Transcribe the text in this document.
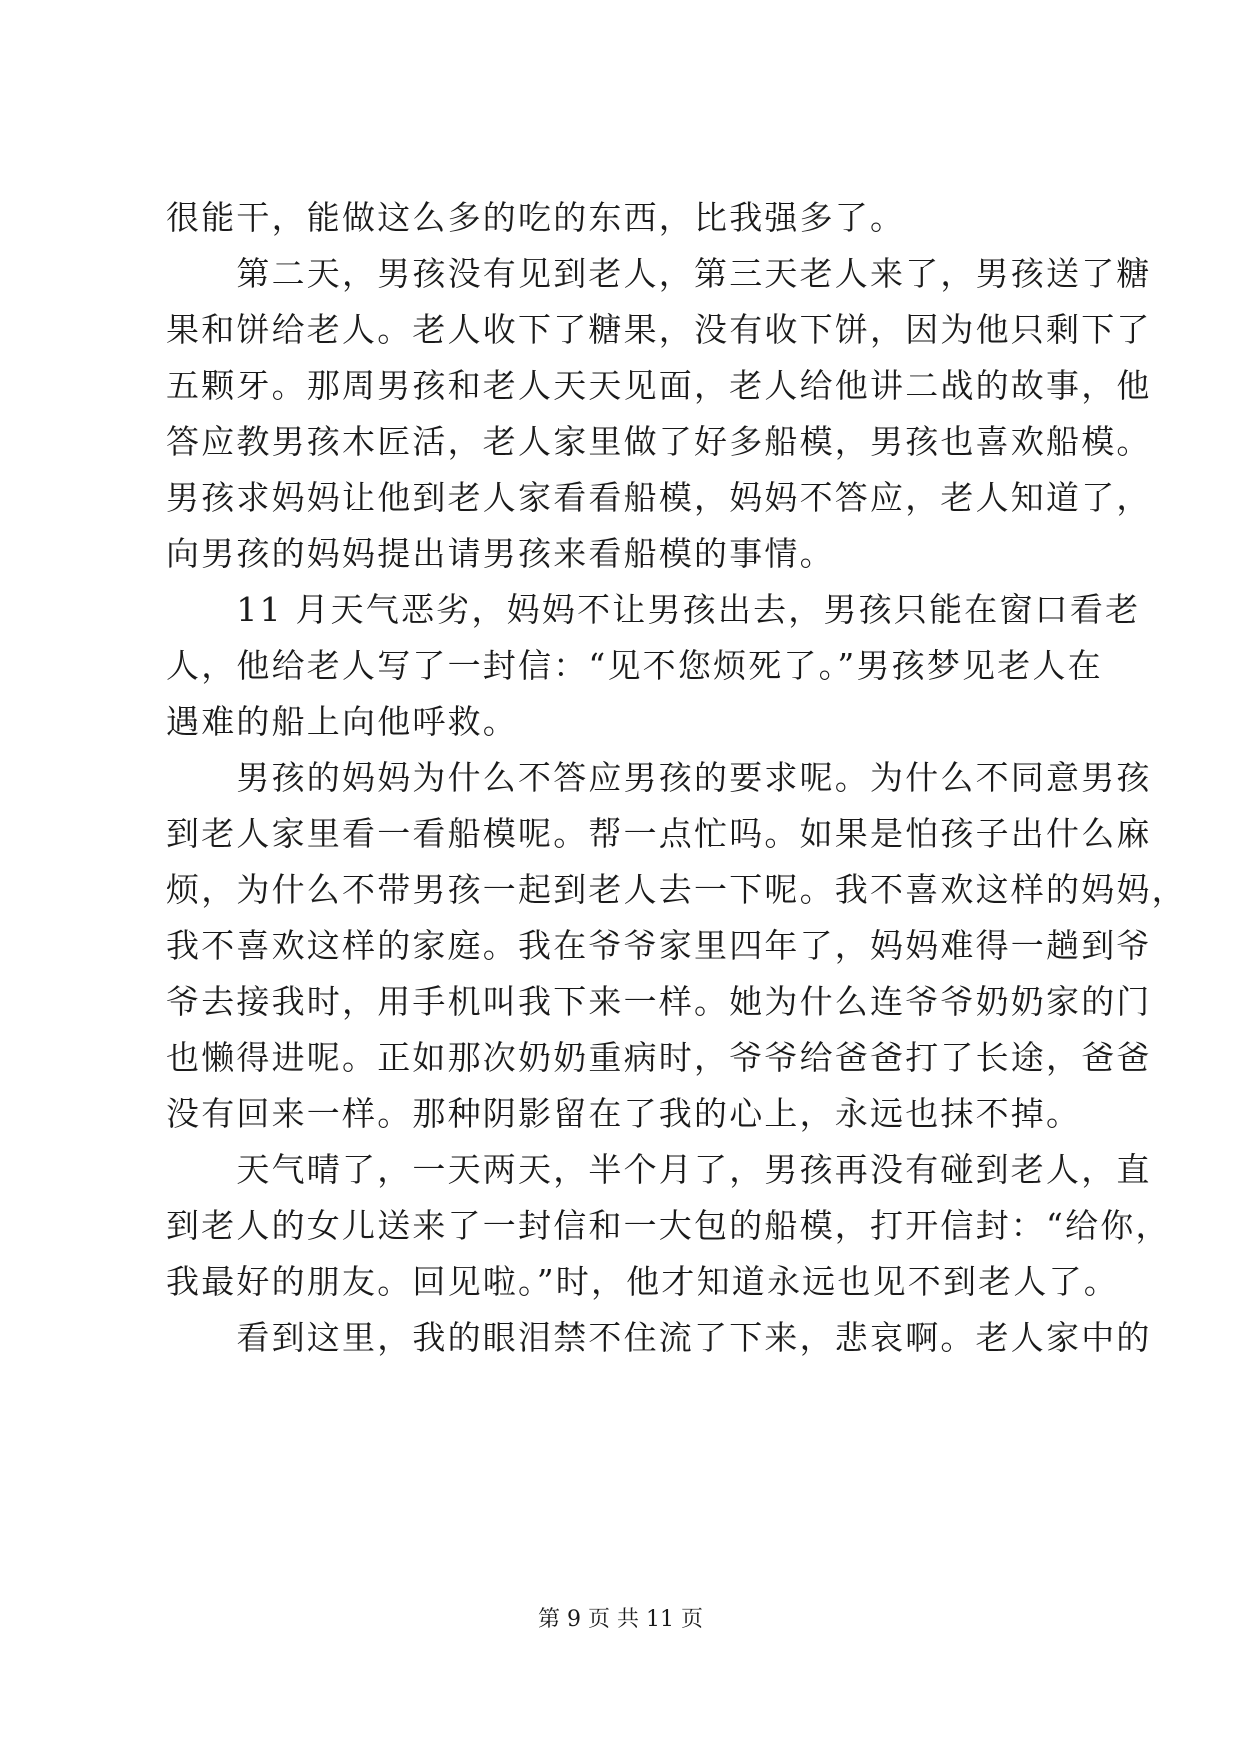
很能干，能做这么多的吃的东西，比我强多了。
　　第二天，男孩没有见到老人，第三天老人来了，男孩送了糖
果和饼给老人。老人收下了糖果，没有收下饼，因为他只剩下了
五颗牙。那周男孩和老人天天见面，老人给他讲二战的故事，他
答应教男孩木匠活，老人家里做了好多船模，男孩也喜欢船模。
男孩求妈妈让他到老人家看看船模，妈妈不答应，老人知道了，
向男孩的妈妈提出请男孩来看船模的事情。
　　11 月天气恶劣，妈妈不让男孩出去，男孩只能在窗口看老
人，他给老人写了一封信：“见不您烦死了。”男孩梦见老人在
遇难的船上向他呼救。
　　男孩的妈妈为什么不答应男孩的要求呢。为什么不同意男孩
到老人家里看一看船模呢。帮一点忙吗。如果是怕孩子出什么麻
烦，为什么不带男孩一起到老人去一下呢。我不喜欢这样的妈妈，
我不喜欢这样的家庭。我在爷爷家里四年了，妈妈难得一趟到爷
爷去接我时，用手机叫我下来一样。她为什么连爷爷奶奶家的门
也懒得进呢。正如那次奶奶重病时，爷爷给爸爸打了长途，爸爸
没有回来一样。那种阴影留在了我的心上，永远也抹不掉。
　　天气晴了，一天两天，半个月了，男孩再没有碰到老人，直
到老人的女儿送来了一封信和一大包的船模，打开信封：“给你，
我最好的朋友。回见啦。”时，他才知道永远也见不到老人了。
　　看到这里，我的眼泪禁不住流了下来，悲哀啊。老人家中的
第 9 页 共 11 页
